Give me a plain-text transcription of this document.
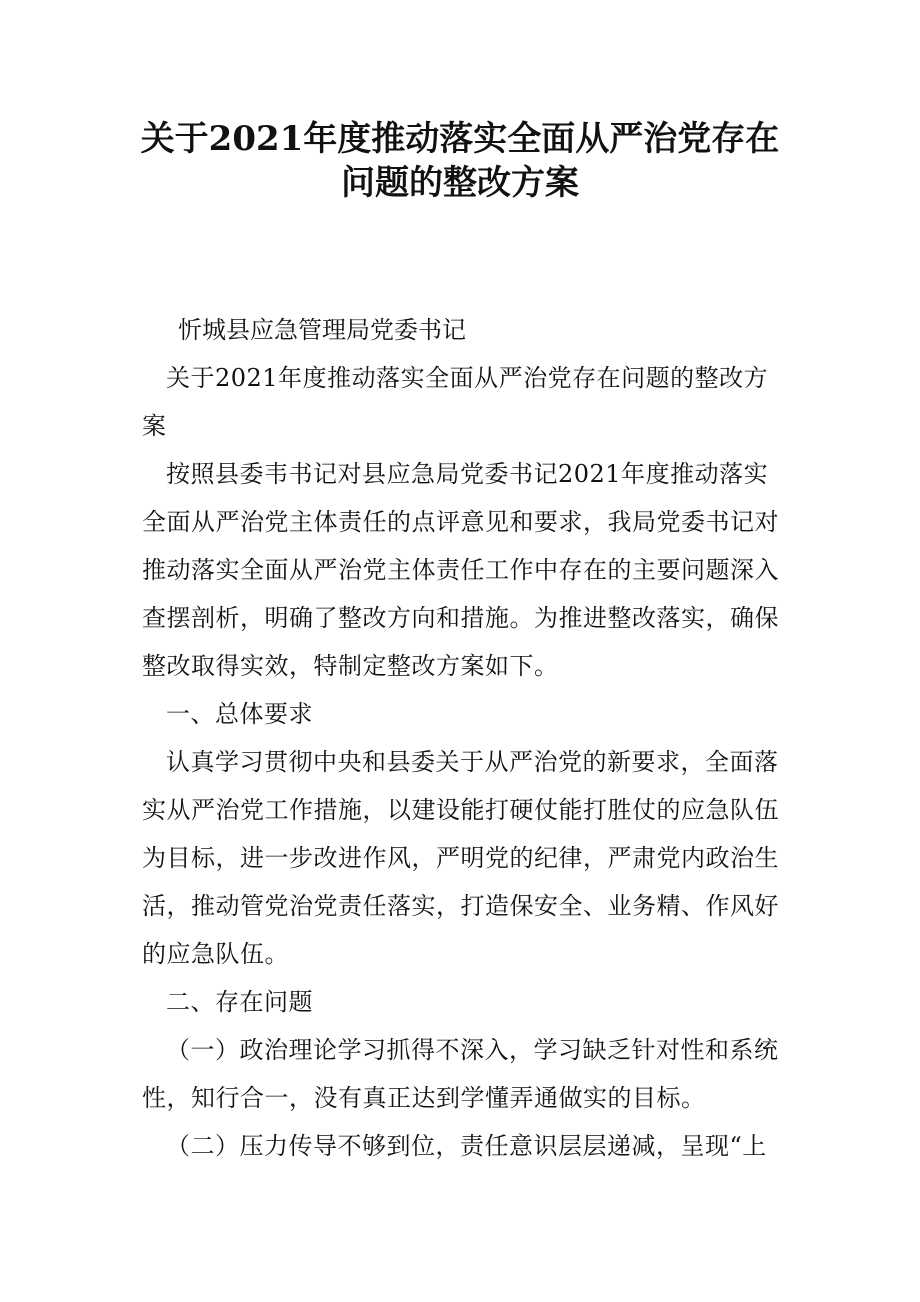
关于2021年度推动落实全面从严治党存在
问题的整改方案

忻城县应急管理局党委书记

关于2021年度推动落实全面从严治党存在问题的整改方案

按照县委韦书记对县应急局党委书记2021年度推动落实全面从严治党主体责任的点评意见和要求，我局党委书记对推动落实全面从严治党主体责任工作中存在的主要问题深入查摆剖析，明确了整改方向和措施。为推进整改落实，确保整改取得实效，特制定整改方案如下。

一、总体要求

认真学习贯彻中央和县委关于从严治党的新要求，全面落实从严治党工作措施，以建设能打硬仗能打胜仗的应急队伍为目标，进一步改进作风，严明党的纪律，严肃党内政治生活，推动管党治党责任落实，打造保安全、业务精、作风好的应急队伍。

二、存在问题

（一）政治理论学习抓得不深入，学习缺乏针对性和系统性，知行合一，没有真正达到学懂弄通做实的目标。

（二）压力传导不够到位，责任意识层层递减，呈现“上
